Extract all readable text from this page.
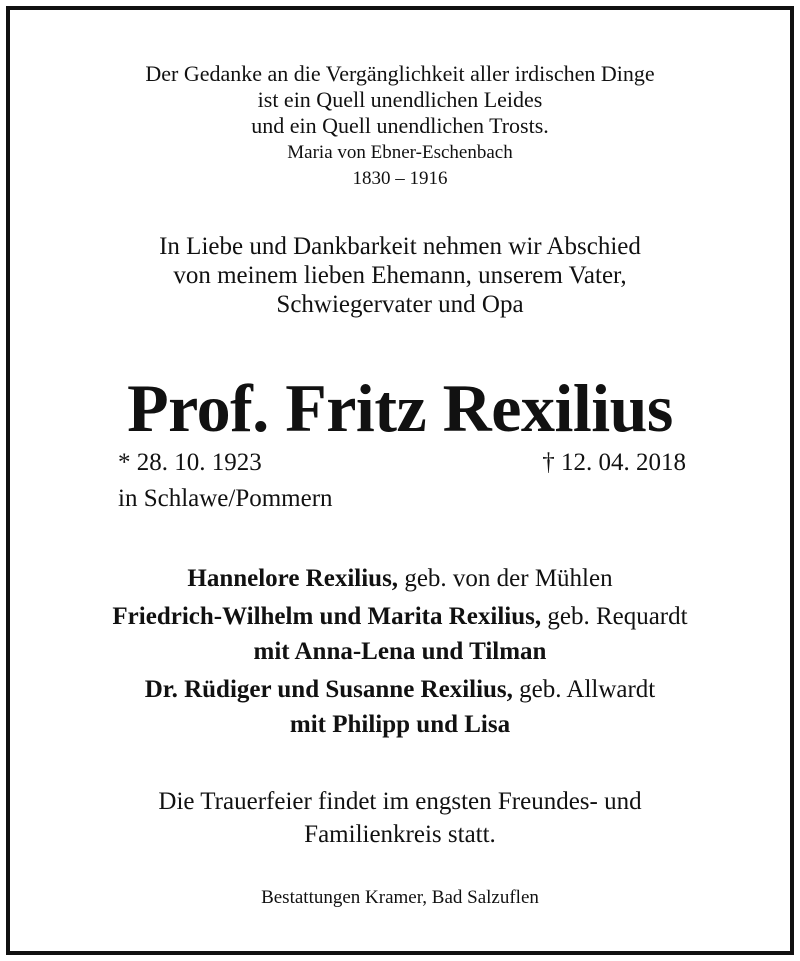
Der Gedanke an die Vergänglichkeit aller irdischen Dinge
ist ein Quell unendlichen Leides
und ein Quell unendlichen Trosts.
Maria von Ebner-Eschenbach
1830 – 1916
In Liebe und Dankbarkeit nehmen wir Abschied
von meinem lieben Ehemann, unserem Vater,
Schwiegervater und Opa
Prof. Fritz Rexilius
* 28. 10. 1923	† 12. 04. 2018
in Schlawe/Pommern
Hannelore Rexilius, geb. von der Mühlen
Friedrich-Wilhelm und Marita Rexilius, geb. Requardt
mit Anna-Lena und Tilman
Dr. Rüdiger und Susanne Rexilius, geb. Allwardt
mit Philipp und Lisa
Die Trauerfeier findet im engsten Freundes- und
Familienkreis statt.
Bestattungen Kramer, Bad Salzuflen
